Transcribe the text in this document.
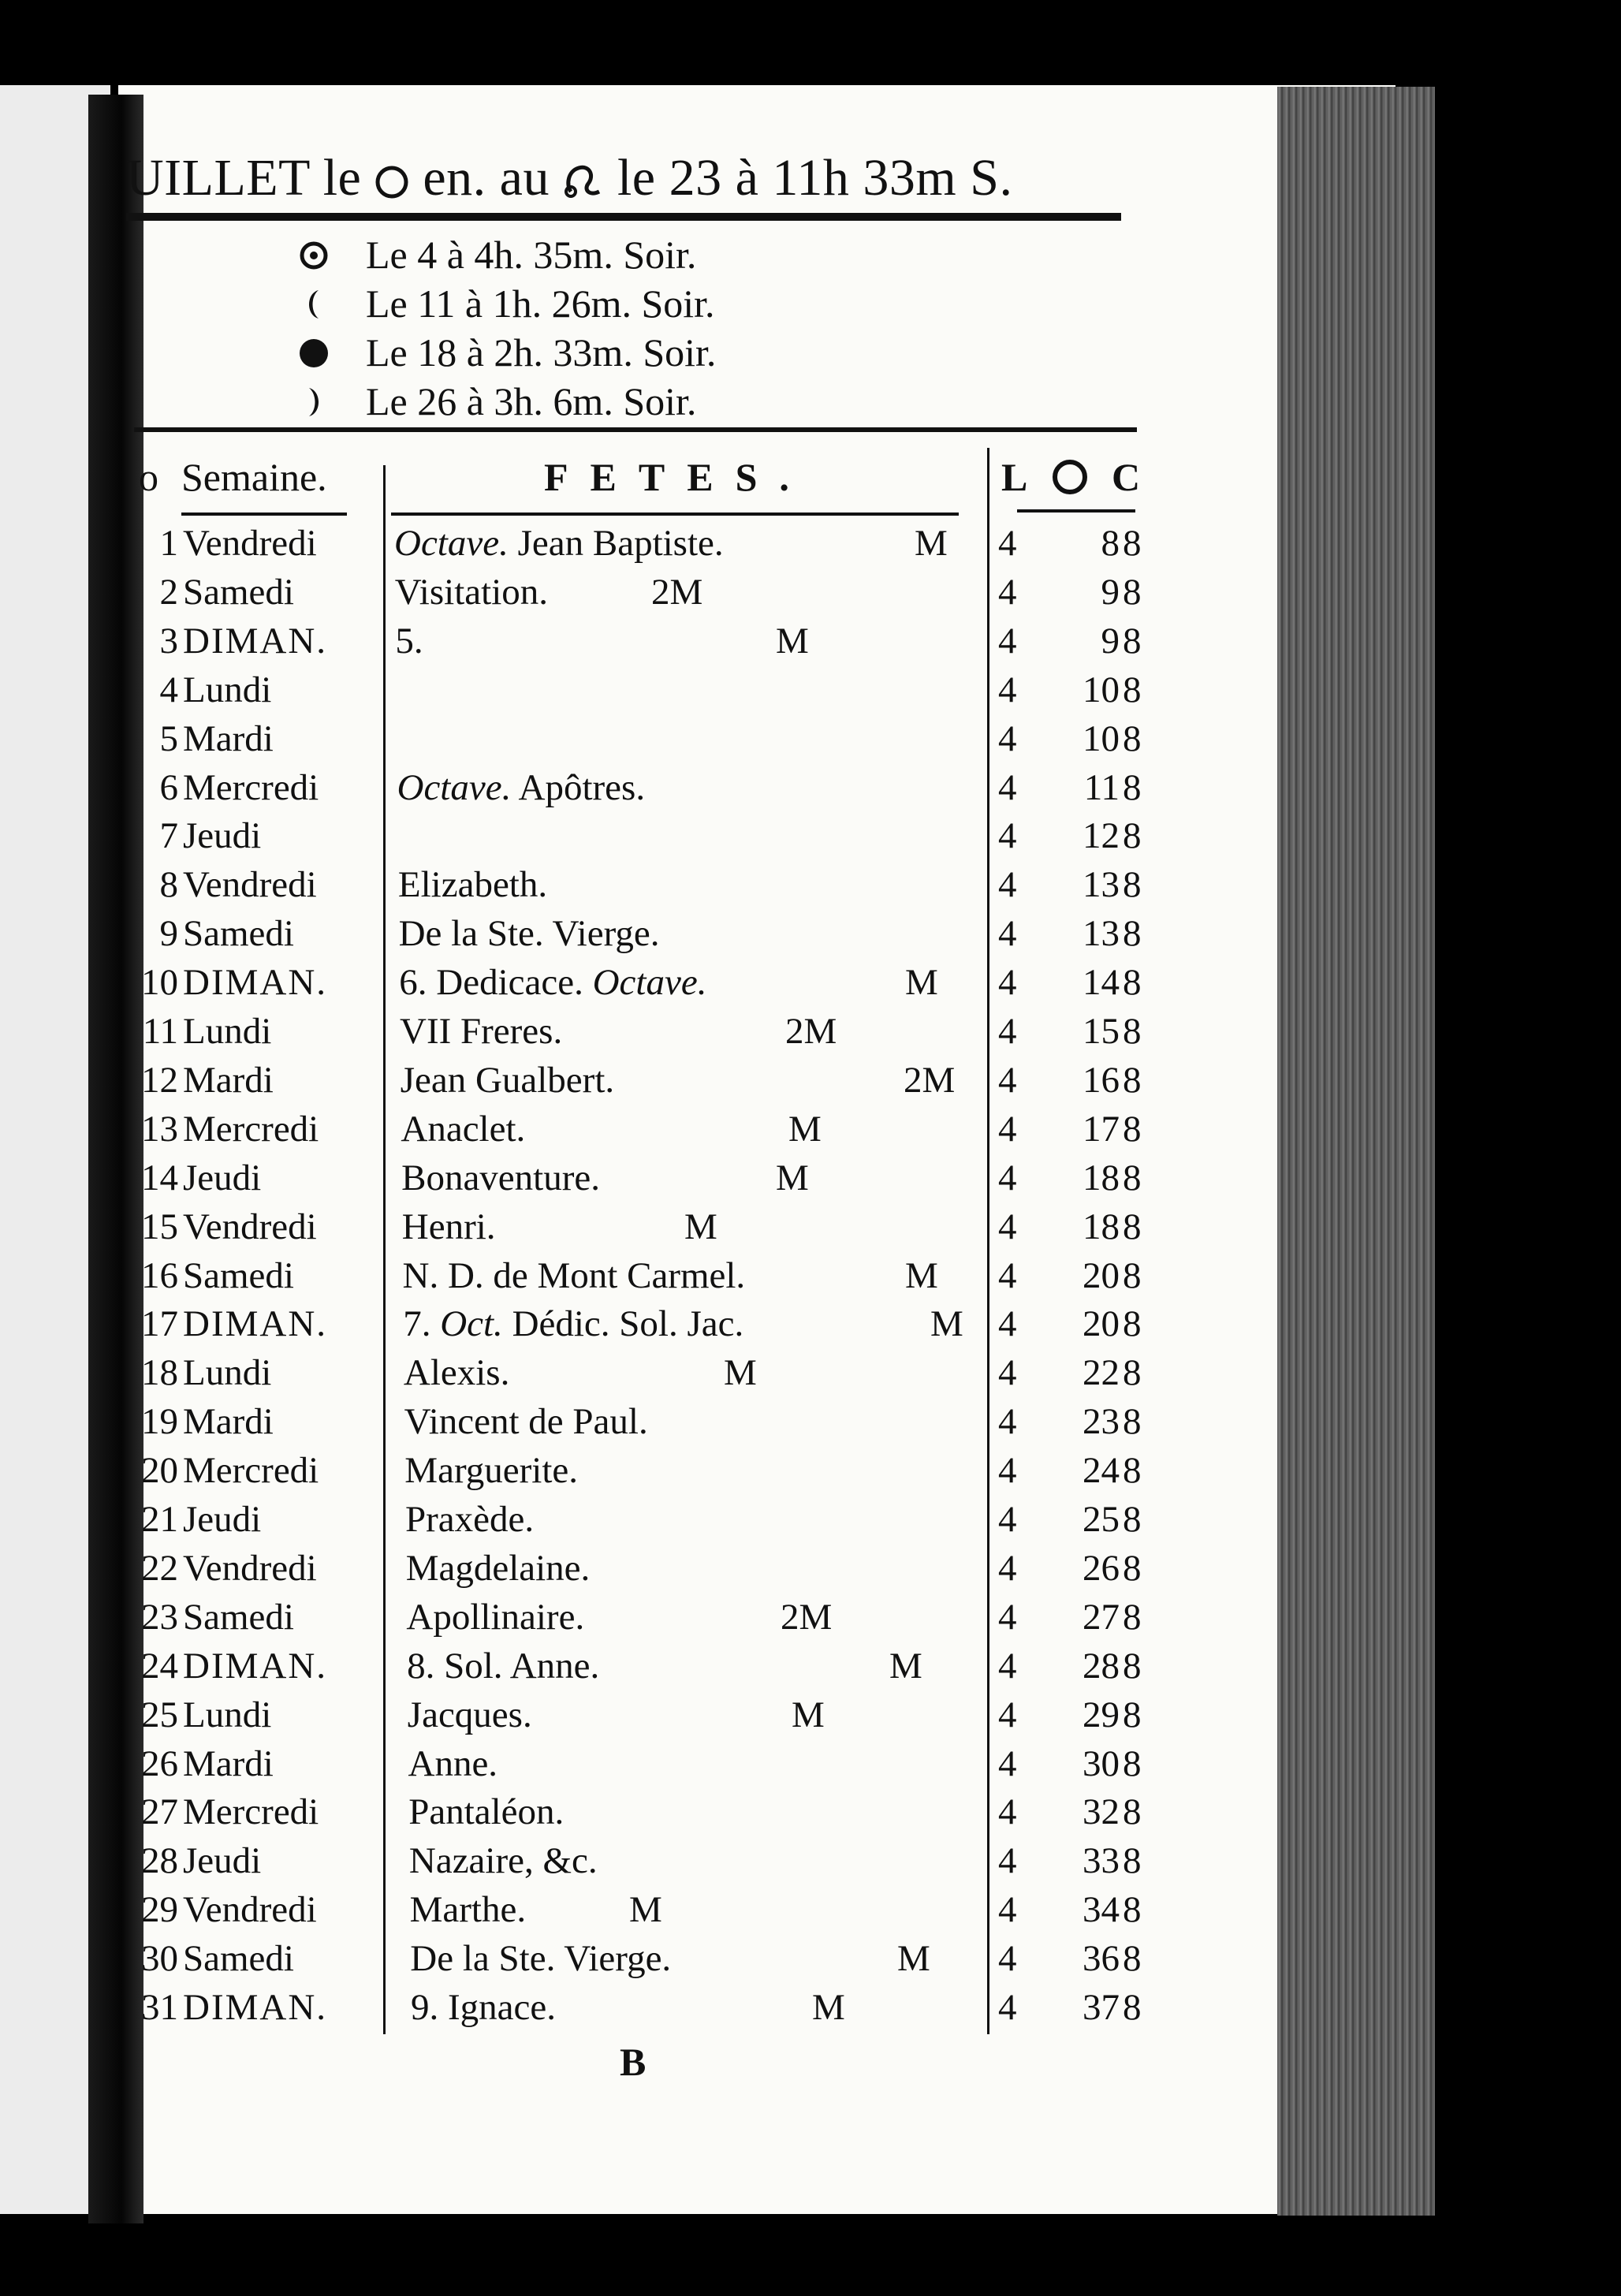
UILLET le en. au le 23 à 11h 33m S.
Le 4 à 4h. 35m. Soir.
Le 11 à 1h. 26m. Soir.
Le 18 à 2h. 33m. Soir.
Le 26 à 3h. 6m. Soir.
o Semaine.	FETES.	L C
1 Vendredi Octave. Jean Baptiste.	M 4	8 8
2 Samedi	Visitation.	2M	4	9 8
3 DIMAN. 5.	M	4	9 8
4 Lundi	4	10 8
5 Mardi	4	10 8
6 Mercredi Octave. Apôtres.	4	11 8
7 Jeudi	4	12 8
8 Vendredi Elizabeth.	4	13 8
9 Samedi	De la Ste. Vierge.	4	13 8
10 DIMAN. 6. Dedicace. Octave.	M 4	14 8
11 Lundi	VII Freres.	2M	4	15 8
12 Mardi	Jean Gualbert.	2M 4	16 8
13 Mercredi Anaclet.	M	4	17 8
14 Jeudi	Bonaventure.	M	4	18 8
15 Vendredi Henri.	M	4	18 8
16 Samedi	N. D. de Mont Carmel.	M 4	20 8
17 DIMAN. 7. Oct. Dédic. Sol. Jac.	M 4	20 8
18 Lundi	Alexis.	M	4	22 8
19 Mardi	Vincent de Paul.	4	23 8
20 Mercredi Marguerite.	4	24 8
21 Jeudi	Praxède.	4	25 8
22 Vendredi Magdelaine.	4	26 8
23 Samedi	Apollinaire.	2M	4	27 8
24 DIMAN. 8. Sol. Anne.	M 4	28 8
25 Lundi	Jacques.	M	4	29 8
26 Mardi	Anne.	4	30 8
27 Mercredi Pantaléon.	4	32 8
28 Jeudi	Nazaire, &c.	4	33 8
29 Vendredi	Marthe.	M	4	34 8
30 Samedi	De la Ste. Vierge.	M 4	36 8
31 DIMAN. 9. Ignace.	M	4	37 8
B
